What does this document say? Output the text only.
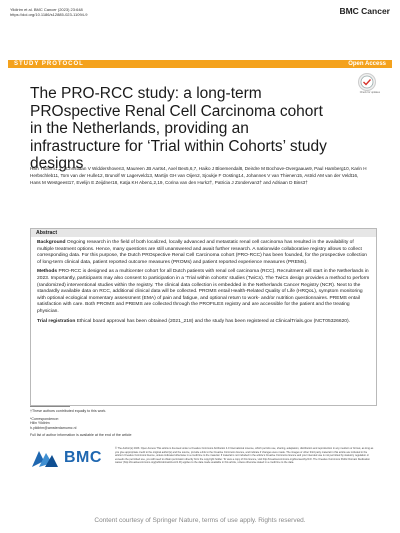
Yildirim et al. BMC Cancer (2023) 23:648
https://doi.org/10.1186/s12885-023-11094-9	BMC Cancer
STUDY PROTOCOL	Open Access
Check for updates
The PRO-RCC study: a long-term PROspective Renal Cell Carcinoma cohort in the Netherlands, providing an infrastructure for ‘Trial within Cohorts’ study designs
Hilin Yildirim1,2*, Christiaan V Widdershoven3, Maureen JB Aarts4, Axel Bex5,6,7, Haiko J Bloemendal8, Deirdre M Bochove-Overgaauw9, Paul Hamberg10, Karin H Herbschleb11, Tom van der Hulle12, Brunolf W Lagerveld13, Martijn GH van Oijen2, Sjoukje F Oosting14, Johannes V van Thienen15, Astrid AM van der Veldt16, Hans M Westgeest17, Evelijn E Zeijdner18, Katja KH Aben1,2,19, Corina van den Hurk2†, Patricia J Zondervan3† and Adriaan D Bins3†
Abstract
Background Ongoing research in the field of both localized, locally advanced and metastatic renal cell carcinoma has resulted in the availability of multiple treatment options. Hence, many questions are still unanswered and await further research. A nationwide collaborative registry allows to collect corresponding data. For this purpose, the Dutch PROspective Renal Cell Carcinoma cohort (PRO-RCC) has been founded, for the prospective collection of long-term clinical data, patient reported outcome measures (PROMs) and patient reported experience measures (PREMs).
Methods PRO-RCC is designed as a multicenter cohort for all Dutch patients with renal cell carcinoma (RCC). Recruitment will start in the Netherlands in 2023. Importantly, participants may also consent to participation in a ‘Trial within cohorts’ studies (TwiCs). The TwiCs design provides a method to perform (randomized) interventional studies within the registry. The clinical data collection is embedded in the Netherlands Cancer Registry (NCR). Next to the standardly available data on RCC, additional clinical data will be collected. PROMS entail Health-Related Quality of Life (HRQoL), symptom monitoring with optional ecological momentary assessment (EMA) of pain and fatigue, and optional return to work- and/or nutrition questionnaires. PREMS entail satisfaction with care. Both PROMS and PREMS are collected through the PROFILES registry and are accessible for the patient and the treating physician.
Trial registration Ethical board approval has been obtained (2021_218) and the study has been registered at ClinicalTrials.gov (NCT05326620).
†These authors contributed equally to this work.
*Correspondence:
Hilin Yildirim
h.yildirim@amsterdamumc.nl
Full list of author information is available at the end of the article
BMC
© The Author(s) 2023. Open Access This article is licensed under a Creative Commons Attribution 4.0 International License, which permits use, sharing, adaptation, distribution and reproduction in any medium or format, as long as you give appropriate credit to the original author(s) and the source, provide a link to the Creative Commons licence, and indicate if changes were made. The images or other third party material in this article are included in the article’s Creative Commons licence, unless indicated otherwise in a credit line to the material. If material is not included in the article’s Creative Commons licence and your intended use is not permitted by statutory regulation or exceeds the permitted use, you will need to obtain permission directly from the copyright holder. To view a copy of this licence, visit http://creativecommons.org/licenses/by/4.0/. The Creative Commons Public Domain Dedication waiver (http://creativecommons.org/publicdomain/zero/1.0/) applies to the data made available in this article, unless otherwise stated in a credit line to the data.
Content courtesy of Springer Nature, terms of use apply. Rights reserved.
